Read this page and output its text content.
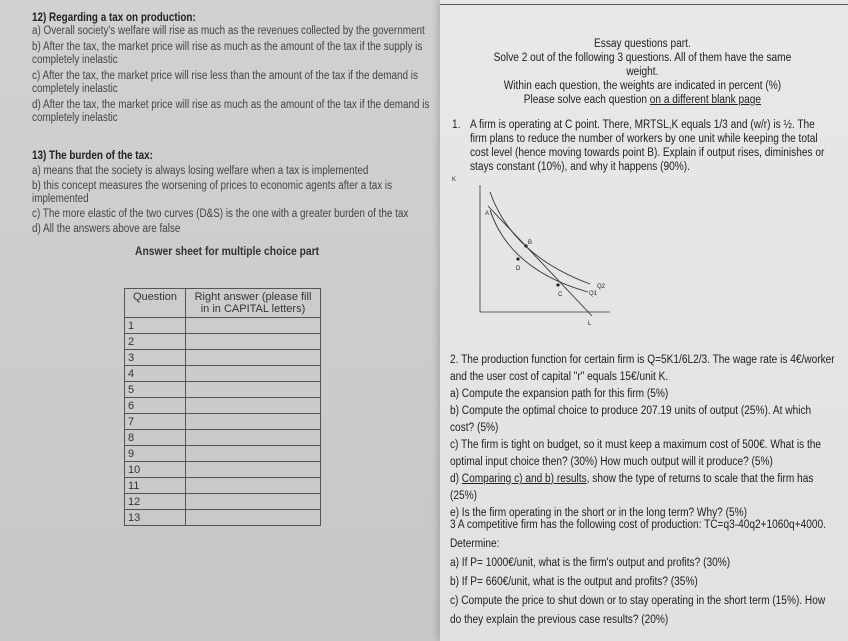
12) Regarding a tax on production:
a) Overall society's welfare will rise as much as the revenues collected by the government
b) After the tax, the market price will rise as much as the amount of the tax if the supply is completely inelastic
c) After the tax, the market price will rise less than the amount of the tax if the demand is completely inelastic
d) After the tax, the market price will rise as much as the amount of the tax if the demand is completely inelastic
13) The burden of the tax:
a) means that the society is always losing welfare when a tax is implemented
b) this concept measures the worsening of prices to economic agents after a tax is implemented
c) The more elastic of the two curves (D&S) is the one with a greater burden of the tax
d) All the answers above are false
Answer sheet for multiple choice part
Question	Right answer (please fill in in CAPITAL letters)
1	
2	
3	
4	
5	
6	
7	
8	
9	
10	
11	
12	
13	
Essay questions part.
Solve 2 out of the following 3 questions. All of them have the same weight.
Within each question, the weights are indicated in percent (%)
Please solve each question on a different blank page
1. A firm is operating at C point. There, MRTSL,K equals 1/3 and (w/r) is ½. The firm plans to reduce the number of workers by one unit while keeping the total cost level (hence moving towards point B). Explain if output rises, diminishes or stays constant (10%), and why it happens (90%).
K
L
A
B
C
D
Q2
Q1
2. The production function for certain firm is Q=5K1/6L2/3. The wage rate is 4€/worker and the user cost of capital "r" equals 15€/unit K.
a) Compute the expansion path for this firm (5%)
b) Compute the optimal choice to produce 207.19 units of output (25%). At which cost? (5%)
c) The firm is tight on budget, so it must keep a maximum cost of 500€. What is the optimal input choice then? (30%) How much output will it produce? (5%)
d) Comparing c) and b) results, show the type of returns to scale that the firm has (25%)
e) Is the firm operating in the short or in the long term? Why? (5%)
3 A competitive firm has the following cost of production: TC=q3-40q2+1060q+4000. Determine:
a) If P= 1000€/unit, what is the firm's output and profits? (30%)
b) If P= 660€/unit, what is the output and profits? (35%)
c) Compute the price to shut down or to stay operating in the short term (15%). How do they explain the previous case results? (20%)
